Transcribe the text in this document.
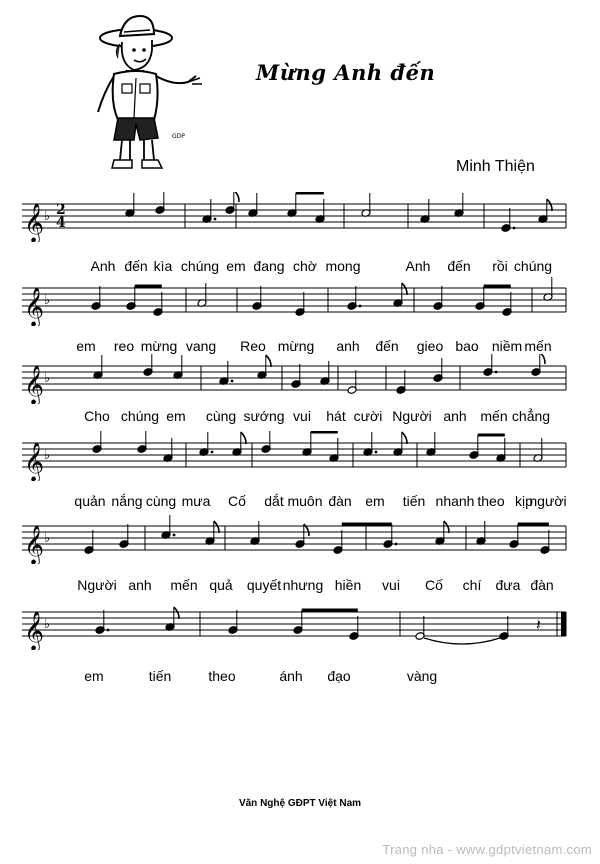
GDP
Mừng Anh đến
Minh Thiện
𝄞 ♭ 2
4
𝄞 ♭
𝄞 ♭
𝄞 ♭
𝄞 ♭
𝄞 ♭	𝄽
Anh đến kìa chúng em đang chờ mong	Anh đến rồi chúng
em reo mừng vang Reo mừng anh đến gieo bao niềm mến
Cho chúng em cùng sướng vui hát cười Người anh mến chẳng
quản nắng cùng mưa Cố dắt muôn đàn em tiến nhanh theo kịp
người
Người anh mến quả quyết nhưng hiền vui Cố chí đưa đàn
em	tiến	theo	ánh đạo	vàng
Văn Nghệ GĐPT Việt Nam
Trang nha - www.gdptvietnam.com
